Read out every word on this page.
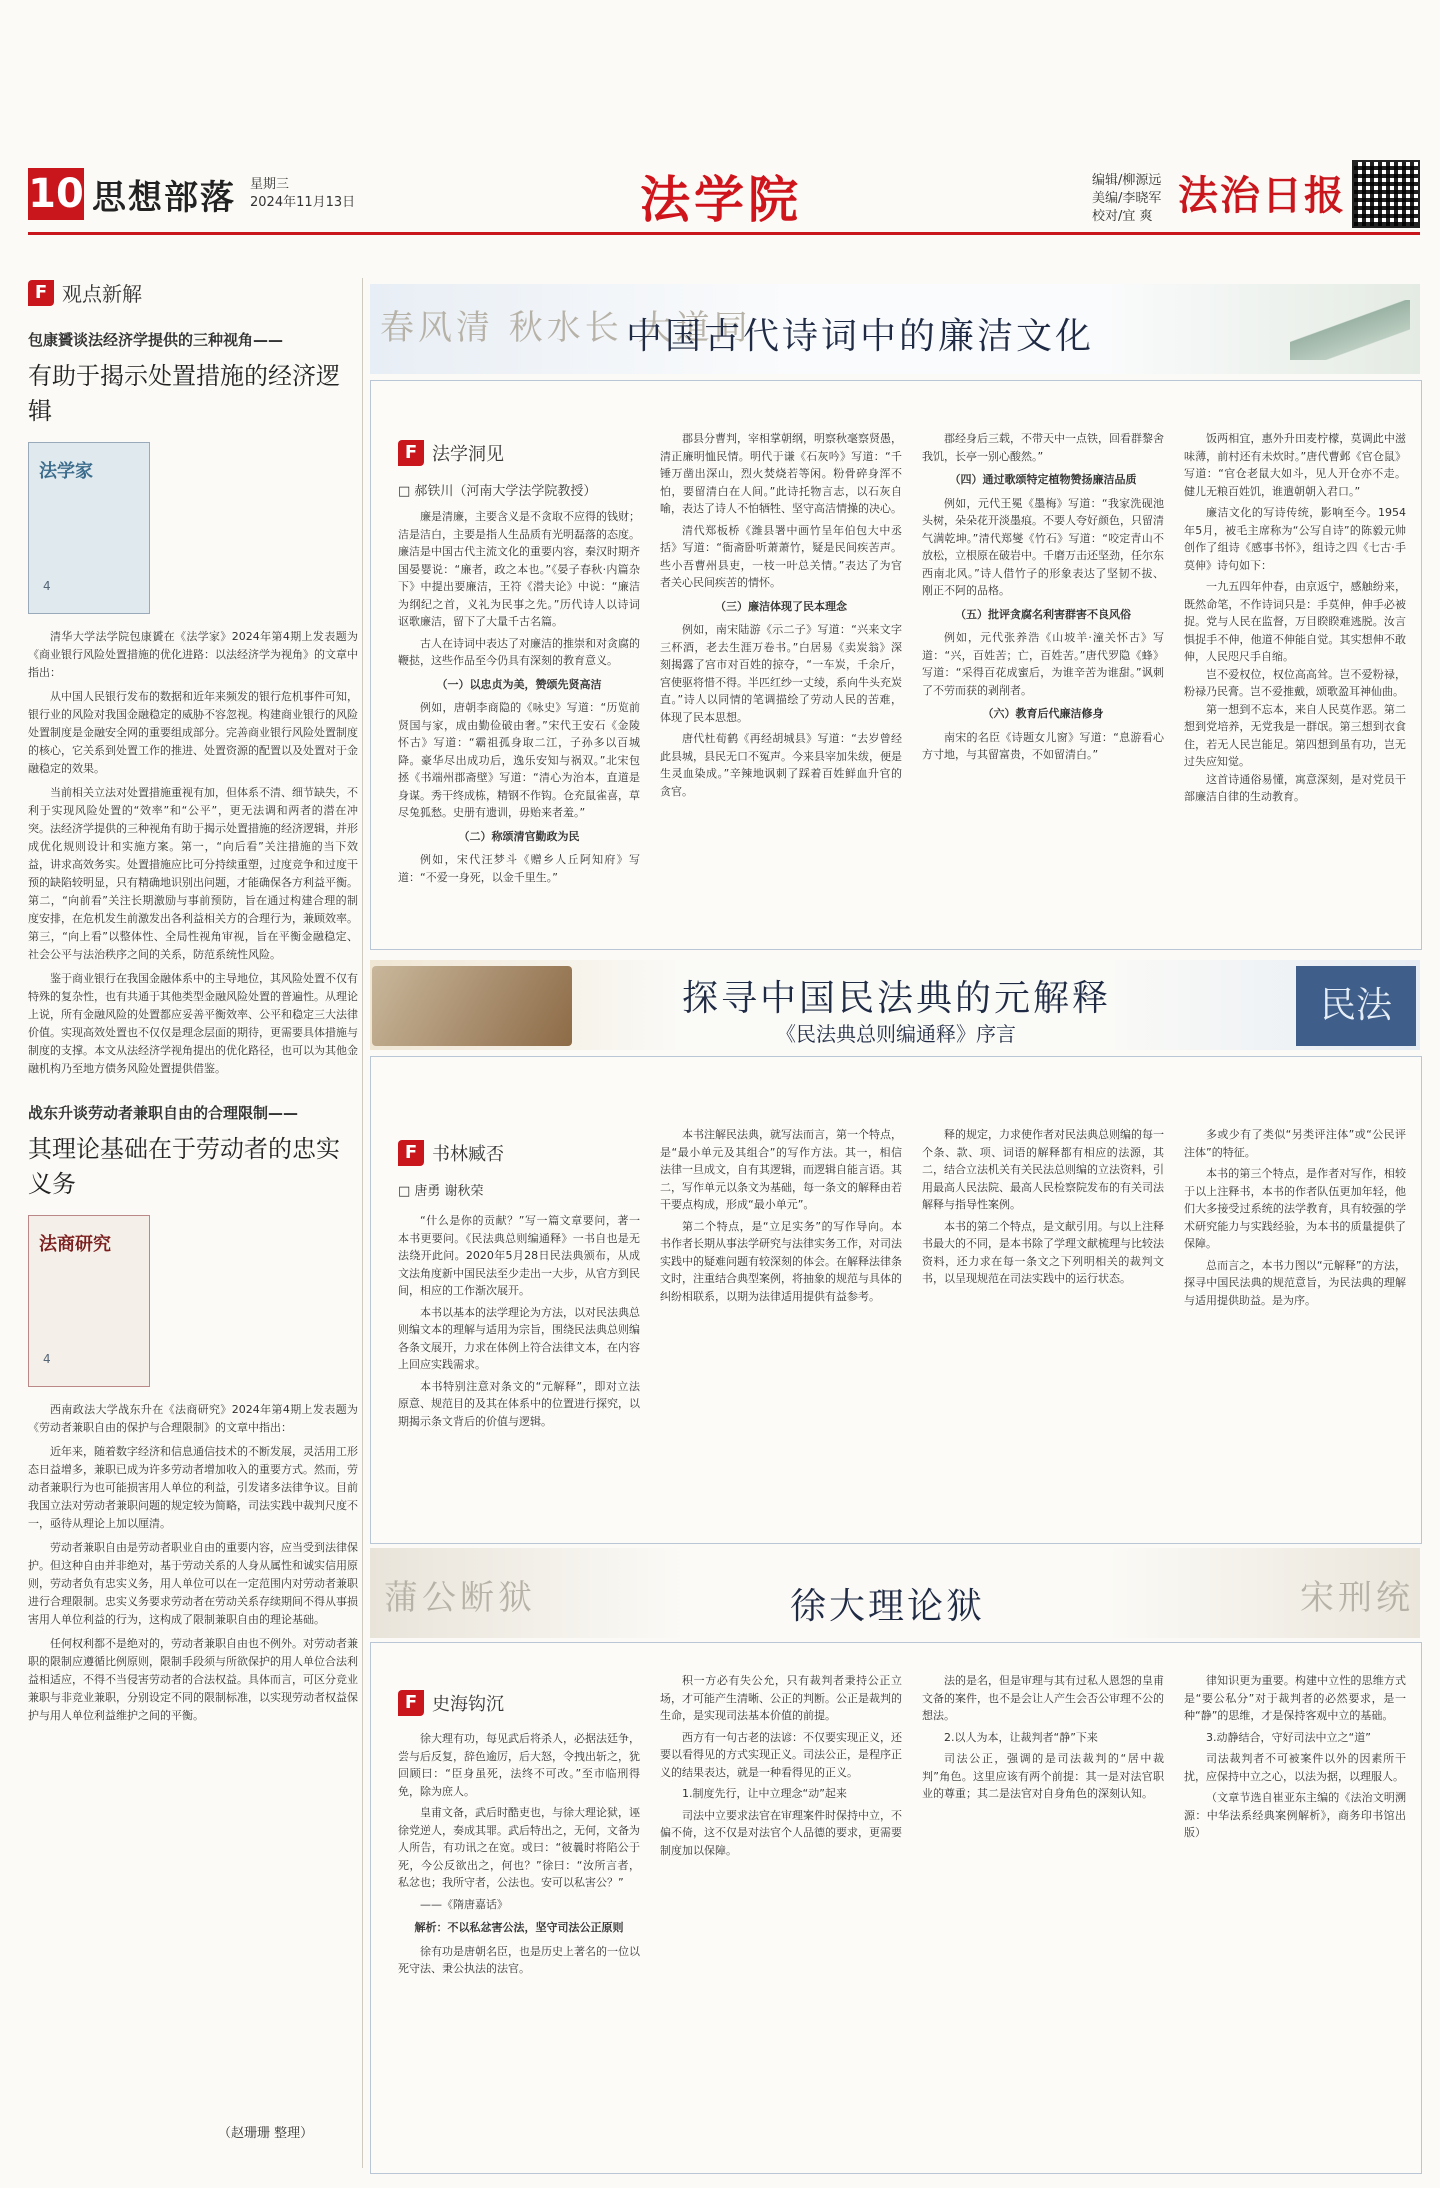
10 思想部落 星期三
2024年11月13日	法学院	编辑/柳源远
美编/李晓军
校对/宜 爽 法治日报
F 观点新解
包康贇谈法经济学提供的三种视角——
有助于揭示处置措施的经济逻辑
法学家
4

清华大学法学院包康贇在《法学家》2024年第4期上发表题为《商业银行风险处置措施的优化进路：以法经济学为视角》的文章中指出：

从中国人民银行发布的数据和近年来频发的银行危机事件可知，银行业的风险对我国金融稳定的威胁不容忽视。构建商业银行的风险处置制度是金融安全网的重要组成部分。完善商业银行风险处置制度的核心，它关系到处置工作的推进、处置资源的配置以及处置对于金融稳定的效果。

当前相关立法对处置措施重视有加，但体系不清、细节缺失，不利于实现风险处置的“效率”和“公平”，更无法调和两者的潜在冲突。法经济学提供的三种视角有助于揭示处置措施的经济逻辑，并形成优化规则设计和实施方案。第一，“向后看”关注措施的当下效益，讲求高效务实。处置措施应比可分持续重塑，过度竞争和过度干预的缺陷较明显，只有精确地识别出问题，才能确保各方利益平衡。第二，“向前看”关注长期激励与事前预防，旨在通过构建合理的制度安排，在危机发生前激发出各利益相关方的合理行为，兼顾效率。第三，“向上看”以整体性、全局性视角审视，旨在平衡金融稳定、社会公平与法治秩序之间的关系，防范系统性风险。

鉴于商业银行在我国金融体系中的主导地位，其风险处置不仅有特殊的复杂性，也有共通于其他类型金融风险处置的普遍性。从理论上说，所有金融风险的处置都应妥善平衡效率、公平和稳定三大法律价值。实现高效处置也不仅仅是理念层面的期待，更需要具体措施与制度的支撑。本文从法经济学视角提出的优化路径，也可以为其他金融机构乃至地方债务风险处置提供借鉴。

战东升谈劳动者兼职自由的合理限制——
其理论基础在于劳动者的忠实义务
法商研究
4

西南政法大学战东升在《法商研究》2024年第4期上发表题为《劳动者兼职自由的保护与合理限制》的文章中指出：

近年来，随着数字经济和信息通信技术的不断发展，灵活用工形态日益增多，兼职已成为许多劳动者增加收入的重要方式。然而，劳动者兼职行为也可能损害用人单位的利益，引发诸多法律争议。目前我国立法对劳动者兼职问题的规定较为简略，司法实践中裁判尺度不一，亟待从理论上加以厘清。

劳动者兼职自由是劳动者职业自由的重要内容，应当受到法律保护。但这种自由并非绝对，基于劳动关系的人身从属性和诚实信用原则，劳动者负有忠实义务，用人单位可以在一定范围内对劳动者兼职进行合理限制。忠实义务要求劳动者在劳动关系存续期间不得从事损害用人单位利益的行为，这构成了限制兼职自由的理论基础。

任何权利都不是绝对的，劳动者兼职自由也不例外。对劳动者兼职的限制应遵循比例原则，限制手段须与所欲保护的用人单位合法利益相适应，不得不当侵害劳动者的合法权益。具体而言，可区分竞业兼职与非竞业兼职，分别设定不同的限制标准，以实现劳动者权益保护与用人单位利益维护之间的平衡。

（赵珊珊 整理）
春风清 秋水长 大道同
中国古代诗词中的廉洁文化
F 法学洞见
□ 郝铁川（河南大学法学院教授）

廉是清廉，主要含义是不贪取不应得的钱财；洁是洁白，主要是指人生品质有光明磊落的态度。廉洁是中国古代主流文化的重要内容，秦汉时期齐国晏婴说：“廉者，政之本也。”《晏子春秋·内篇杂下》中提出要廉洁，王符《潜夫论》中说：“廉洁为纲纪之首，义礼为民事之先。”历代诗人以诗词讴歌廉洁，留下了大量千古名篇。

古人在诗词中表达了对廉洁的推崇和对贪腐的鞭挞，这些作品至今仍具有深刻的教育意义。

（一）以忠贞为美，赞颂先贤高洁

例如，唐朝李商隐的《咏史》写道：“历览前贤国与家，成由勤俭破由奢。”宋代王安石《金陵怀古》写道：“霸祖孤身取二江，子孙多以百城降。豪华尽出成功后，逸乐安知与祸双。”北宋包拯《书端州郡斋壁》写道：“清心为治本，直道是身谋。秀干终成栋，精钢不作钩。仓充鼠雀喜，草尽兔狐愁。史册有遗训，毋贻来者羞。”

（二）称颂清官勤政为民

例如，宋代汪梦斗《赠乡人丘阿知府》写道：“不爱一身死，以金千里生。”

郡县分曹判，宰相掌朝纲，明察秋毫察贤愚，清正廉明恤民情。明代于谦《石灰吟》写道：“千锤万凿出深山，烈火焚烧若等闲。粉骨碎身浑不怕，要留清白在人间。”此诗托物言志，以石灰自喻，表达了诗人不怕牺牲、坚守高洁情操的决心。

清代郑板桥《潍县署中画竹呈年伯包大中丞括》写道：“衙斋卧听萧萧竹，疑是民间疾苦声。些小吾曹州县吏，一枝一叶总关情。”表达了为官者关心民间疾苦的情怀。

（三）廉洁体现了民本理念

例如，南宋陆游《示二子》写道：“兴来文字三杯酒，老去生涯万卷书。”白居易《卖炭翁》深刻揭露了宫市对百姓的掠夺，“一车炭，千余斤，宫使驱将惜不得。半匹红纱一丈绫，系向牛头充炭直。”诗人以同情的笔调描绘了劳动人民的苦难，体现了民本思想。

唐代杜荀鹤《再经胡城县》写道：“去岁曾经此县城，县民无口不冤声。今来县宰加朱绂，便是生灵血染成。”辛辣地讽刺了踩着百姓鲜血升官的贪官。

郡经身后三载，不带天中一点铁，回看群黎舍我饥，长亭一别心酸然。”

（四）通过歌颂特定植物赞扬廉洁品质

例如，元代王冕《墨梅》写道：“我家洗砚池头树，朵朵花开淡墨痕。不要人夸好颜色，只留清气满乾坤。”清代郑燮《竹石》写道：“咬定青山不放松，立根原在破岩中。千磨万击还坚劲，任尔东西南北风。”诗人借竹子的形象表达了坚韧不拔、刚正不阿的品格。

（五）批评贪腐名利害群害不良风俗

例如，元代张养浩《山坡羊·潼关怀古》写道：“兴，百姓苦；亡，百姓苦。”唐代罗隐《蜂》写道：“采得百花成蜜后，为谁辛苦为谁甜。”讽刺了不劳而获的剥削者。

（六）教育后代廉洁修身

南宋的名臣《诗题女儿窗》写道：“息游看心方寸地，与其留富贵，不如留清白。”

饭两相宜，惠外升田麦柠檬，莫调此中滋味薄，前村还有未炊时。”唐代曹邺《官仓鼠》写道：“官仓老鼠大如斗，见人开仓亦不走。健儿无粮百姓饥，谁遣朝朝入君口。”

廉洁文化的写诗传统，影响至今。1954年5月，被毛主席称为“公写自诗”的陈毅元帅创作了组诗《感事书怀》，组诗之四《七古·手莫伸》诗句如下：

一九五四年仲春，由京返宁，感触纷来，既然命笔，不作诗词只是：手莫伸，伸手必被捉。党与人民在监督，万目睽睽难逃脱。汝言惧捉手不伸，他道不伸能自觉。其实想伸不敢伸，人民咫尺手自缩。

岂不爱权位，权位高高耸。岂不爱粉禄，粉禄乃民膏。岂不爱推戴，颂歌盈耳神仙曲。

第一想到不忘本，来自人民莫作恶。第二想到党培养，无党我是一群氓。第三想到衣食住，若无人民岂能足。第四想到虽有功，岂无过失应知觉。

这首诗通俗易懂，寓意深刻，是对党员干部廉洁自律的生动教育。

民法
探寻中国民法典的元解释
《民法典总则编通释》序言
F 书林臧否
□ 唐勇 谢秋荣

“什么是你的贡献？”写一篇文章要问，著一本书更要问。《民法典总则编通释》一书自也是无法绕开此问。2020年5月28日民法典颁布，从成文法角度新中国民法至少走出一大步，从官方到民间，相应的工作渐次展开。

本书以基本的法学理论为方法，以对民法典总则编文本的理解与适用为宗旨，围绕民法典总则编各条文展开，力求在体例上符合法律文本，在内容上回应实践需求。

本书特别注意对条文的“元解释”，即对立法原意、规范目的及其在体系中的位置进行探究，以期揭示条文背后的价值与逻辑。

本书注解民法典，就写法而言，第一个特点，是“最小单元及其组合”的写作方法。其一，相信法律一旦成文，自有其逻辑，而逻辑自能言语。其二，写作单元以条文为基础，每一条文的解释由若干要点构成，形成“最小单元”。

第二个特点，是“立足实务”的写作导向。本书作者长期从事法学研究与法律实务工作，对司法实践中的疑难问题有较深刻的体会。在解释法律条文时，注重结合典型案例，将抽象的规范与具体的纠纷相联系，以期为法律适用提供有益参考。

释的规定，力求使作者对民法典总则编的每一个条、款、项、词语的解释都有相应的法源，其二，结合立法机关有关民法总则编的立法资料，引用最高人民法院、最高人民检察院发布的有关司法解释与指导性案例。

本书的第二个特点，是文献引用。与以上注释书最大的不同，是本书除了学理文献梳理与比较法资料，还力求在每一条文之下列明相关的裁判文书，以呈现规范在司法实践中的运行状态。

多或少有了类似“另类评注体”或“公民评注体”的特征。

本书的第三个特点，是作者对写作，相较于以上注释书，本书的作者队伍更加年轻，他们大多接受过系统的法学教育，具有较强的学术研究能力与实践经验，为本书的质量提供了保障。

总而言之，本书力图以“元解释”的方法，探寻中国民法典的规范意旨，为民法典的理解与适用提供助益。是为序。

蒲公断狱	宋刑统
徐大理论狱
F 史海钩沉

徐大理有功，每见武后将杀人，必据法廷争，尝与后反复，辞色逾厉，后大怒，令拽出斩之，犹回顾曰：“臣身虽死，法终不可改。”至市临刑得免，除为庶人。

皇甫文备，武后时酷吏也，与徐大理论狱，诬徐党逆人，奏成其罪。武后特出之，无何，文备为人所告，有功讯之在宽。或曰：“彼曩时将陷公于死，今公反欲出之，何也？”徐曰：“汝所言者，私忿也；我所守者，公法也。安可以私害公？”

——《隋唐嘉话》

解析：不以私忿害公法，坚守司法公正原则

徐有功是唐朝名臣，也是历史上著名的一位以死守法、秉公执法的法官。

积一方必有失公允，只有裁判者秉持公正立场，才可能产生清晰、公正的判断。公正是裁判的生命，是实现司法基本价值的前提。

西方有一句古老的法谚：不仅要实现正义，还要以看得见的方式实现正义。司法公正，是程序正义的结果表达，就是一种看得见的正义。

1.制度先行，让中立理念“动”起来

司法中立要求法官在审理案件时保持中立，不偏不倚，这不仅是对法官个人品德的要求，更需要制度加以保障。

法的是名，但是审理与其有过私人恩怨的皇甫文备的案件，也不是会让人产生会否公审理不公的想法。

2.以人为本，让裁判者“静”下来

司法公正，强调的是司法裁判的“居中裁判”角色。这里应该有两个前提：其一是对法官职业的尊重；其二是法官对自身角色的深刻认知。

律知识更为重要。构建中立性的思维方式是“要公私分”对于裁判者的必然要求，是一种“静”的思维，才是保持客观中立的基础。

3.动静结合，守好司法中立之“道”

司法裁判者不可被案件以外的因素所干扰，应保持中立之心，以法为据，以理服人。

（文章节选自崔亚东主编的《法治文明溯源：中华法系经典案例解析》，商务印书馆出版）
